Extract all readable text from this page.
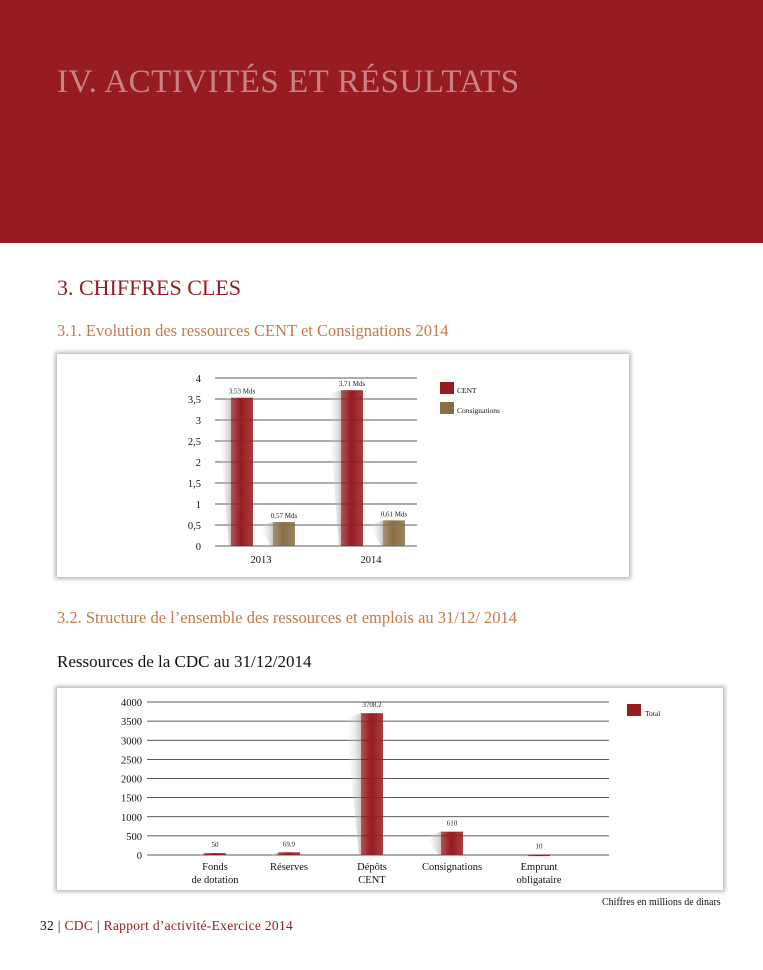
IV. ACTIVITÉS ET RÉSULTATS
3. CHIFFRES CLES
3.1. Evolution des ressources CENT et Consignations 2014
0
0,5
1
1,5
2
2,5
3
3,5
4
2013
3,53 Mds
0,57 Mds
2014
3,71 Mds
0,61 Mds
CENT
Consignations
3.2. Structure de l’ensemble des ressources et emplois au 31/12/ 2014
Ressources de la CDC au 31/12/2014
0
500
1000
1500
2000
2500
3000
3500
4000
50
Fonds de dotation
69,9
Réserves
3708,2
Dépôts CENT
610
Consignations
10
Emprunt obligataire
Total
Chiffres en millions de dinars
32 | CDC | Rapport d’activité-Exercice 2014
